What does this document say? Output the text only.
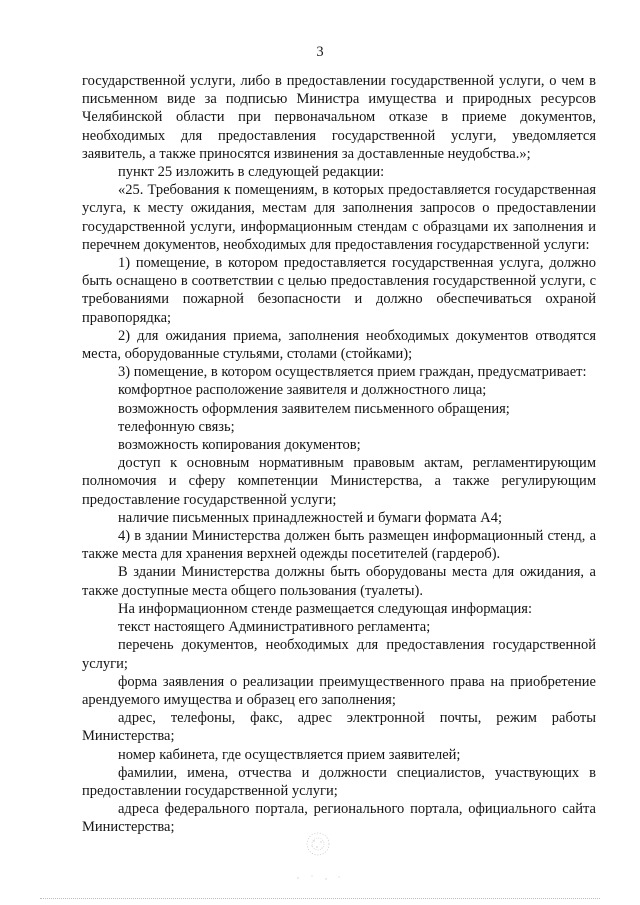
3

государственной услуги, либо в предоставлении государственной услуги, о чем в письменном виде за подписью Министра имущества и природных ресурсов Челябинской области при первоначальном отказе в приеме документов, необходимых для предоставления государственной услуги, уведомляется заявитель, а также приносятся извинения за доставленные неудобства.»;

пункт 25 изложить в следующей редакции:

«25. Требования к помещениям, в которых предоставляется государственная услуга, к месту ожидания, местам для заполнения запросов о предоставлении государственной услуги, информационным стендам с образцами их заполнения и перечнем документов, необходимых для предоставления государственной услуги:

1) помещение, в котором предоставляется государственная услуга, должно быть оснащено в соответствии с целью предоставления государственной услуги, с требованиями пожарной безопасности и должно обеспечиваться охраной правопорядка;

2) для ожидания приема, заполнения необходимых документов отводятся места, оборудованные стульями, столами (стойками);

3) помещение, в котором осуществляется прием граждан, предусматривает:

комфортное расположение заявителя и должностного лица;

возможность оформления заявителем письменного обращения;

телефонную связь;

возможность копирования документов;

доступ к основным нормативным правовым актам, регламентирующим полномочия и сферу компетенции Министерства, а также регулирующим предоставление государственной услуги;

наличие письменных принадлежностей и бумаги формата А4;

4) в здании Министерства должен быть размещен информационный стенд, а также места для хранения верхней одежды посетителей (гардероб).

В здании Министерства должны быть оборудованы места для ожидания, а также доступные места общего пользования (туалеты).

На информационном стенде размещается следующая информация:

текст настоящего Административного регламента;

перечень документов, необходимых для предоставления государственной услуги;

форма заявления о реализации преимущественного права на приобретение арендуемого имущества и образец его заполнения;

адрес, телефоны, факс, адрес электронной почты, режим работы Министерства;

номер кабинета, где осуществляется прием заявителей;

фамилии, имена, отчества и должности специалистов, участвующих в предоставлении государственной услуги;

адреса федерального портала, регионального портала, официального сайта Министерства;
